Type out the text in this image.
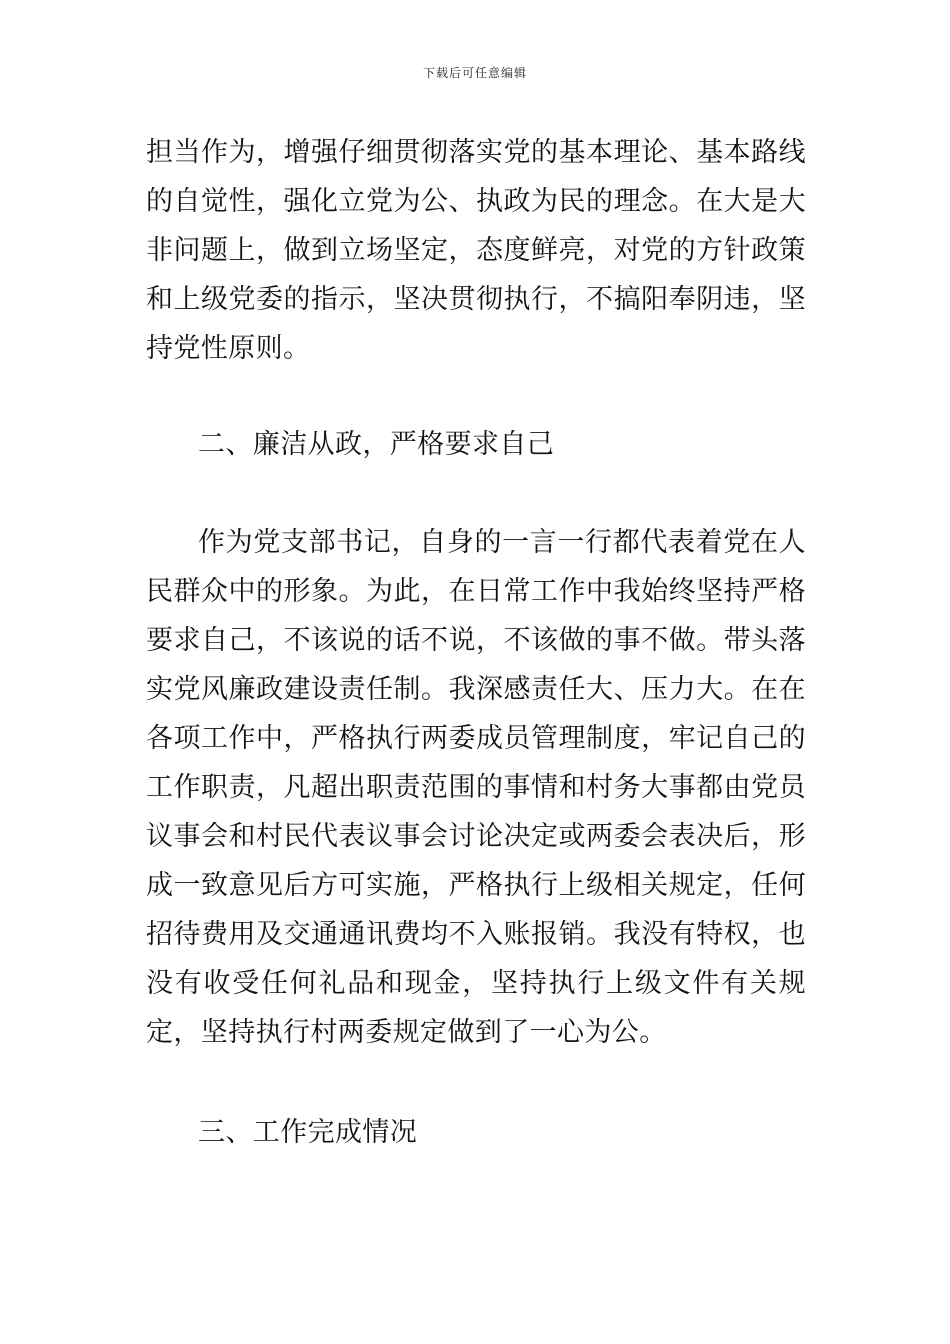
下载后可任意编辑

担当作为，增强仔细贯彻落实党的基本理论、基本路线的自觉性，强化立党为公、执政为民的理念。在大是大非问题上，做到立场坚定，态度鲜亮，对党的方针政策和上级党委的指示，坚决贯彻执行，不搞阳奉阴违，坚持党性原则。

二、廉洁从政，严格要求自己

作为党支部书记，自身的一言一行都代表着党在人民群众中的形象。为此，在日常工作中我始终坚持严格要求自己，不该说的话不说，不该做的事不做。带头落实党风廉政建设责任制。我深感责任大、压力大。在在各项工作中，严格执行两委成员管理制度，牢记自己的工作职责，凡超出职责范围的事情和村务大事都由党员议事会和村民代表议事会讨论决定或两委会表决后，形成一致意见后方可实施，严格执行上级相关规定，任何招待费用及交通通讯费均不入账报销。我没有特权，也没有收受任何礼品和现金，坚持执行上级文件有关规定，坚持执行村两委规定做到了一心为公。

三、工作完成情况
